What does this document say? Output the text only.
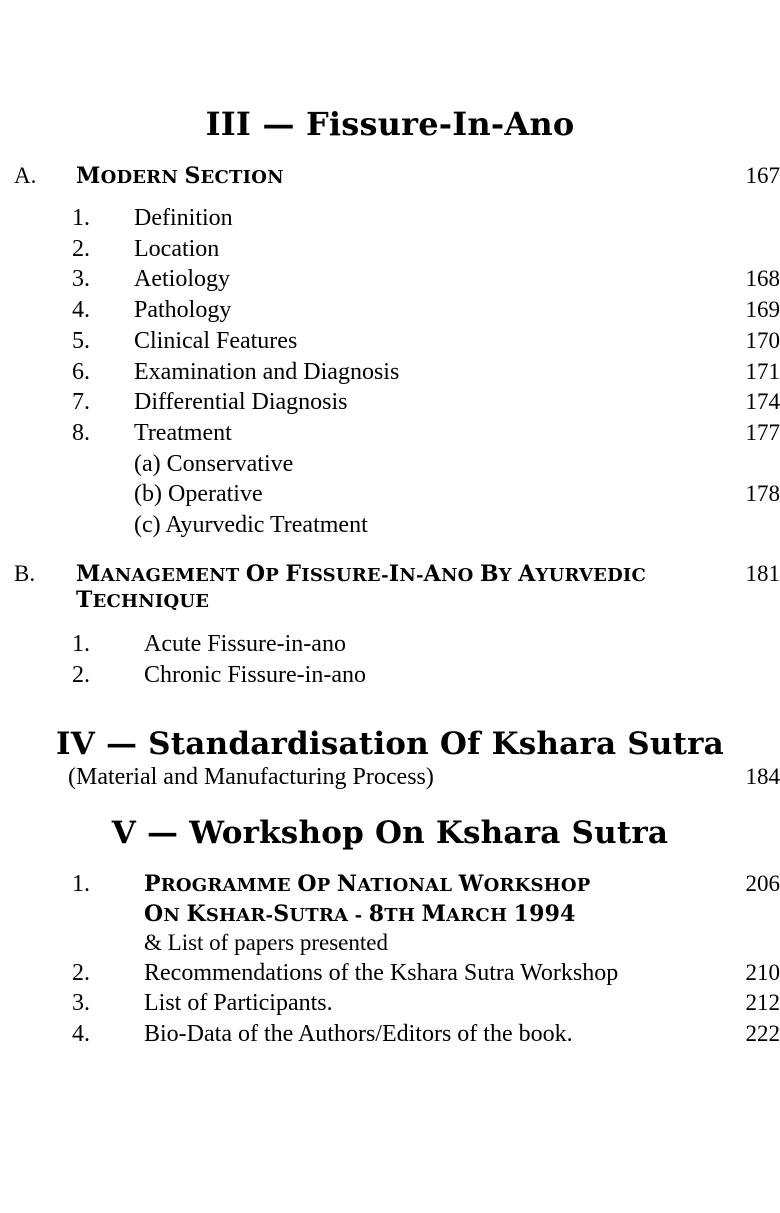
III — Fissure-In-Ano
A.	MODERN SECTION	167
1.	Definition
2.	Location
3.	Aetiology	168
4.	Pathology	169
5.	Clinical Features	170
6.	Examination and Diagnosis	171
7.	Differential Diagnosis	174
8.	Treatment	177
(a) Conservative
(b) Operative	178
(c) Ayurvedic Treatment
B.	MANAGEMENT OP FISSURE-IN-ANO BY AYURVEDIC TECHNIQUE
181
1.	Acute Fissure-in-ano
2.	Chronic Fissure-in-ano
IV — Standardisation Of Kshara Sutra
(Material and Manufacturing Process)	184
V — Workshop On Kshara Sutra
1.	PROGRAMME OP NATIONAL WORKSHOP	206
ON KSHAR-SUTRA - 8TH MARCH 1994
& List of papers presented
2.	Recommendations of the Kshara Sutra Workshop	210
3.	List of Participants.	212
4.	Bio-Data of the Authors/Editors of the book.	222
